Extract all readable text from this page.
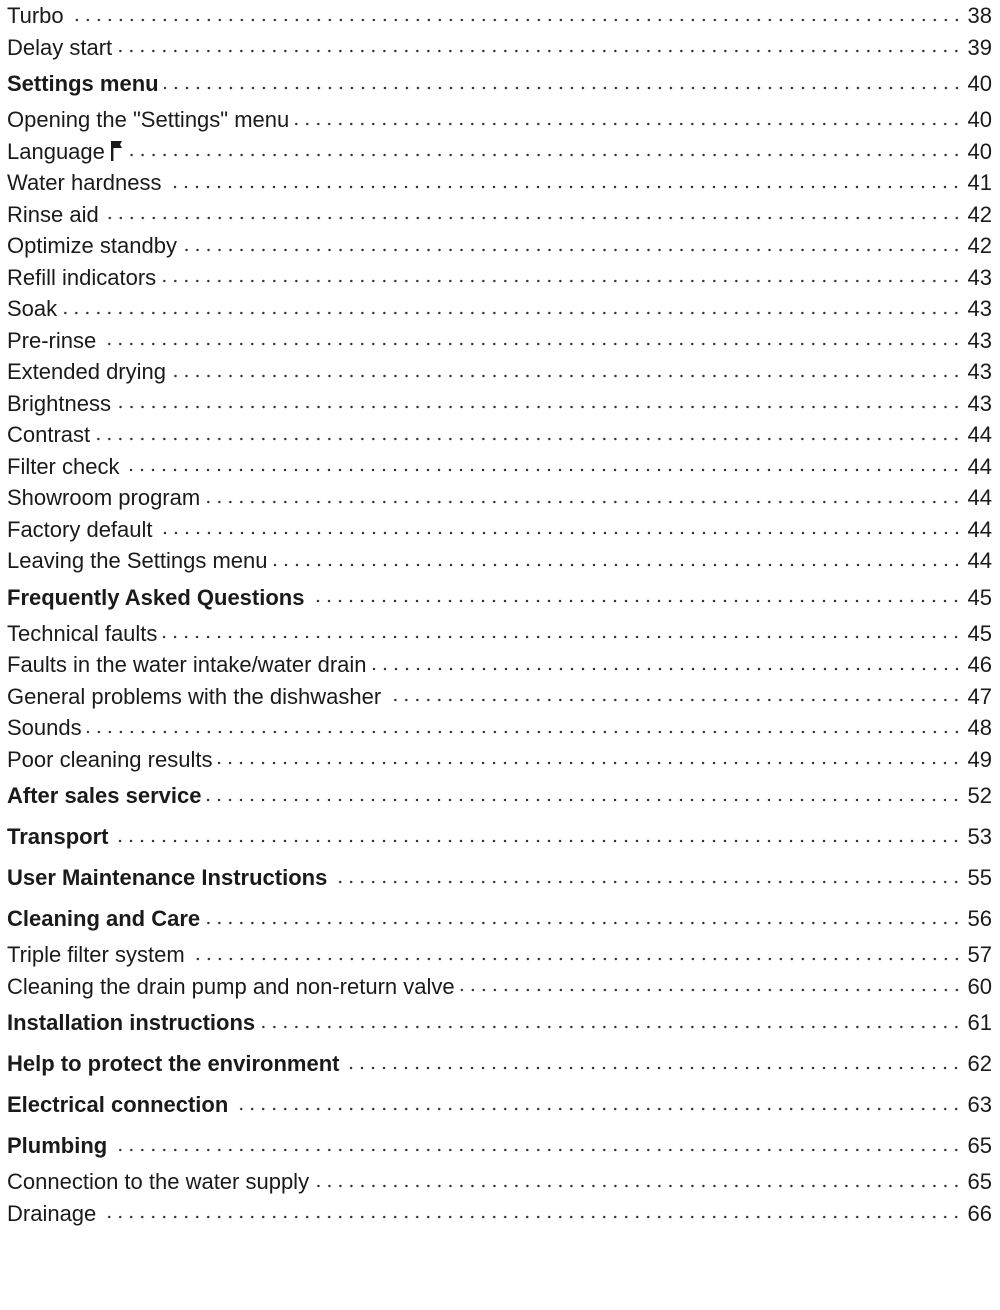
Turbo	38
Delay start	39
Settings menu	40
Opening the "Settings" menu	40
Language	40
Water hardness	41
Rinse aid	42
Optimize standby	42
Refill indicators	43
Soak	43
Pre-rinse	43
Extended drying	43
Brightness	43
Contrast	44
Filter check	44
Showroom program	44
Factory default	44
Leaving the Settings menu	44
Frequently Asked Questions	45
Technical faults	45
Faults in the water intake/water drain	46
General problems with the dishwasher	47
Sounds	48
Poor cleaning results	49
After sales service	52
Transport	53
User Maintenance Instructions	55
Cleaning and Care	56
Triple filter system	57
Cleaning the drain pump and non-return valve	60
Installation instructions	61
Help to protect the environment	62
Electrical connection	63
Plumbing	65
Connection to the water supply	65
Drainage	66
